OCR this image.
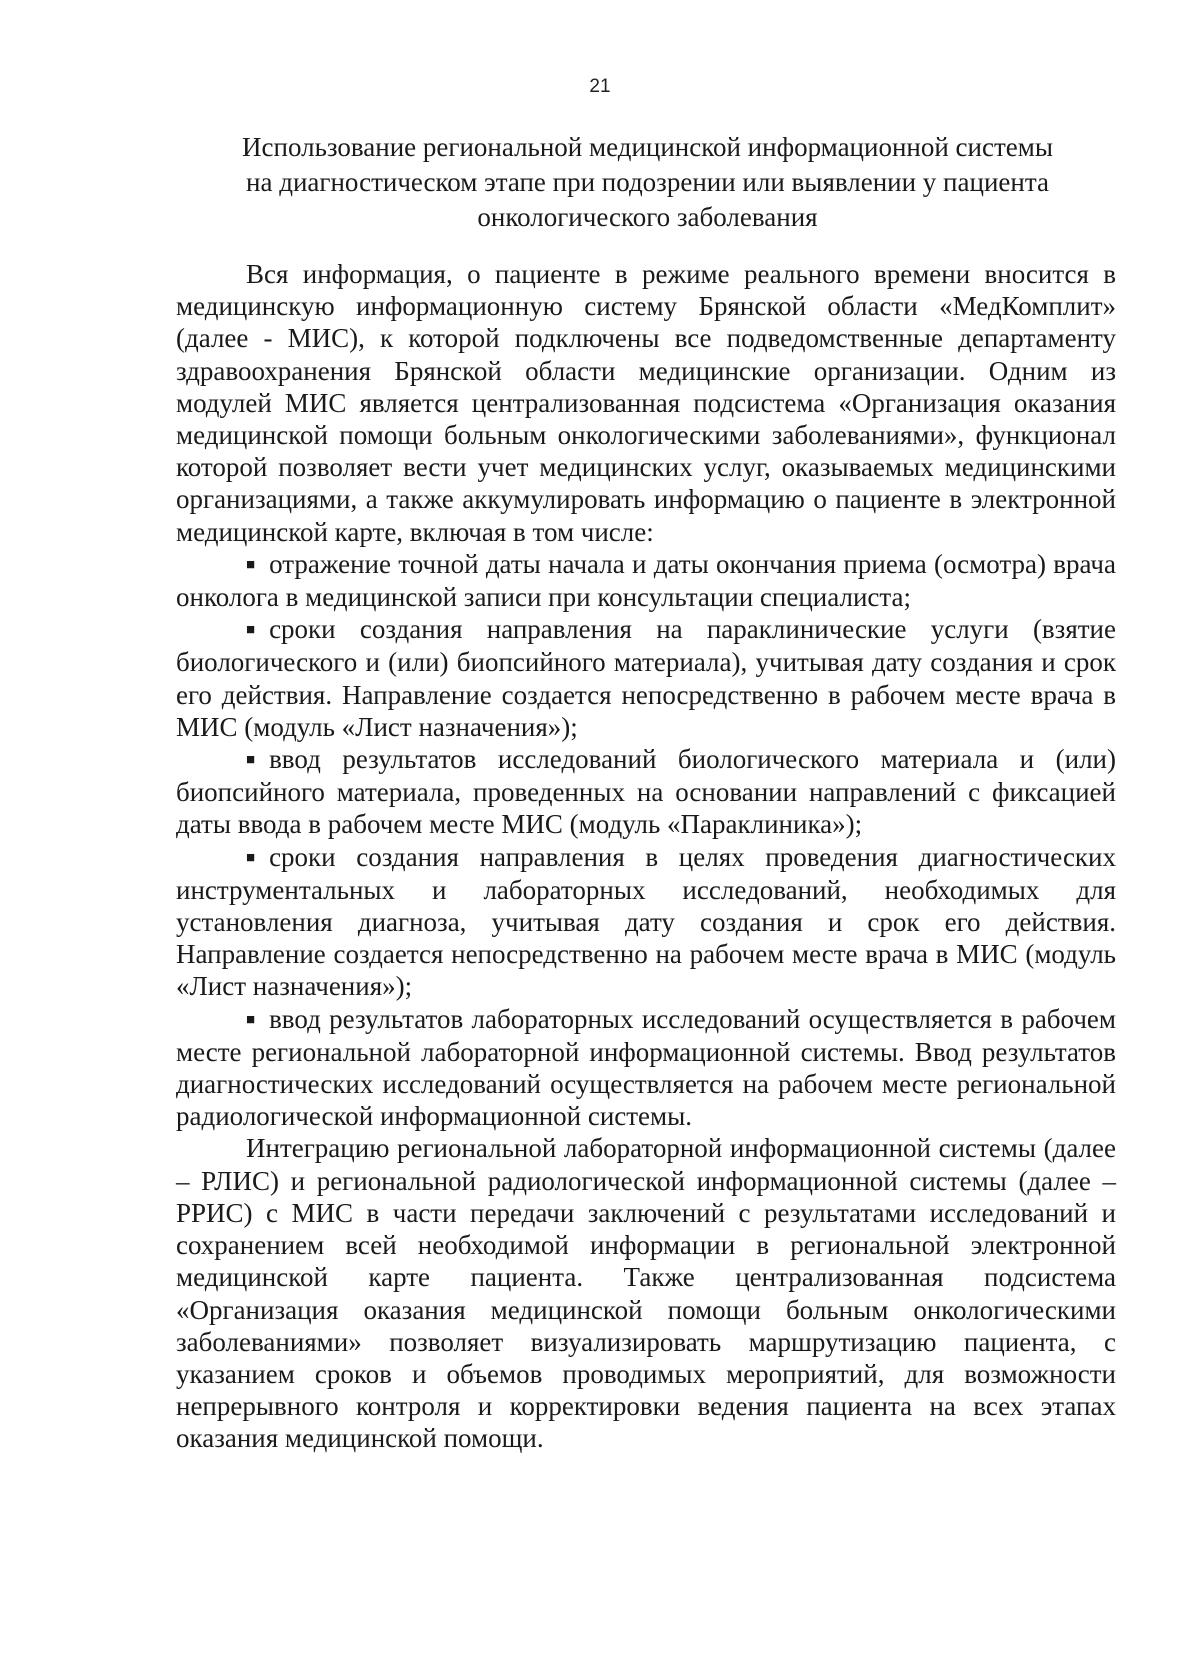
21
Использование региональной медицинской информационной системы
на диагностическом этапе при подозрении или выявлении у пациента
онкологического заболевания

Вся информация, о пациенте в режиме реального времени вносится в медицинскую информационную систему Брянской области «МедКомплит» (далее - МИС), к которой подключены все подведомственные департаменту здравоохранения Брянской области медицинские организации. Одним из модулей МИС является централизованная подсистема «Организация оказания медицинской помощи больным онкологическими заболеваниями», функционал которой позволяет вести учет медицинских услуг, оказываемых медицинскими организациями, а также аккумулировать информацию о пациенте в электронной медицинской карте, включая в том числе:

■ отражение точной даты начала и даты окончания приема (осмотра) врача онколога в медицинской записи при консультации специалиста;

■ сроки создания направления на параклинические услуги (взятие биологического и (или) биопсийного материала), учитывая дату создания и срок его действия. Направление создается непосредственно в рабочем месте врача в МИС (модуль «Лист назначения»);

■ ввод результатов исследований биологического материала и (или) биопсийного материала, проведенных на основании направлений с фиксацией даты ввода в рабочем месте МИС (модуль «Параклиника»);

■ сроки создания направления в целях проведения диагностических инструментальных и лабораторных исследований, необходимых для установления диагноза, учитывая дату создания и срок его действия. Направление создается непосредственно на рабочем месте врача в МИС (модуль «Лист назначения»);

■ ввод результатов лабораторных исследований осуществляется в рабочем месте региональной лабораторной информационной системы. Ввод результатов диагностических исследований осуществляется на рабочем месте региональной радиологической информационной системы.

Интеграцию региональной лабораторной информационной системы (далее – РЛИС) и региональной радиологической информационной системы (далее – РРИС) с МИС в части передачи заключений с результатами исследований и сохранением всей необходимой информации в региональной электронной медицинской карте пациента. Также централизованная подсистема «Организация оказания медицинской помощи больным онкологическими заболеваниями» позволяет визуализировать маршрутизацию пациента, с указанием сроков и объемов проводимых мероприятий, для возможности непрерывного контроля и корректировки ведения пациента на всех этапах оказания медицинской помощи.
